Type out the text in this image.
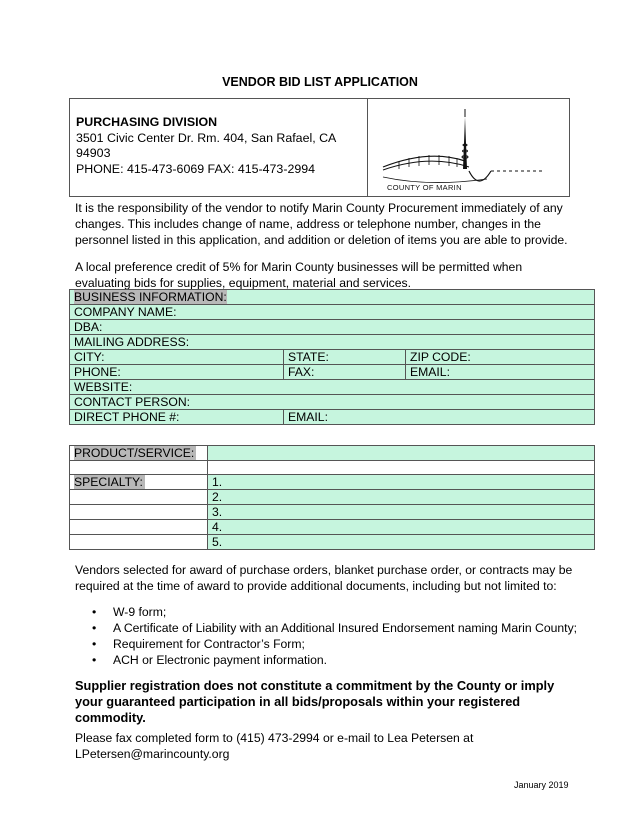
VENDOR BID LIST APPLICATION
PURCHASING DIVISION
3501 Civic Center Dr. Rm. 404, San Rafael, CA 94903
PHONE: 415-473-6069 FAX: 415-473-2994
COUNTY OF MARIN
It is the responsibility of the vendor to notify Marin County Procurement immediately of any changes. This includes change of name, address or telephone number, changes in the personnel listed in this application, and addition or deletion of items you are able to provide.
A local preference credit of 5% for Marin County businesses will be permitted when evaluating bids for supplies, equipment, material and services.
BUSINESS INFORMATION:		
COMPANY NAME:		
DBA:		
MAILING ADDRESS:		
CITY:	STATE:	ZIP CODE:
PHONE:	FAX:	EMAIL:
WEBSITE:		
CONTACT PERSON:		
DIRECT PHONE #:	EMAIL:	
PRODUCT/SERVICE:	

SPECIALTY:	1.
	2.
	3.
	4.
	5.
Vendors selected for award of purchase orders, blanket purchase order, or contracts may be required at the time of award to provide additional documents, including but not limited to:
• W-9 form;
• A Certificate of Liability with an Additional Insured Endorsement naming Marin County;
• Requirement for Contractor’s Form;
• ACH or Electronic payment information.
Supplier registration does not constitute a commitment by the County or imply your guaranteed participation in all bids/proposals within your registered commodity.
Please fax completed form to (415) 473-2994 or e-mail to Lea Petersen at LPetersen@marincounty.org
January 2019
